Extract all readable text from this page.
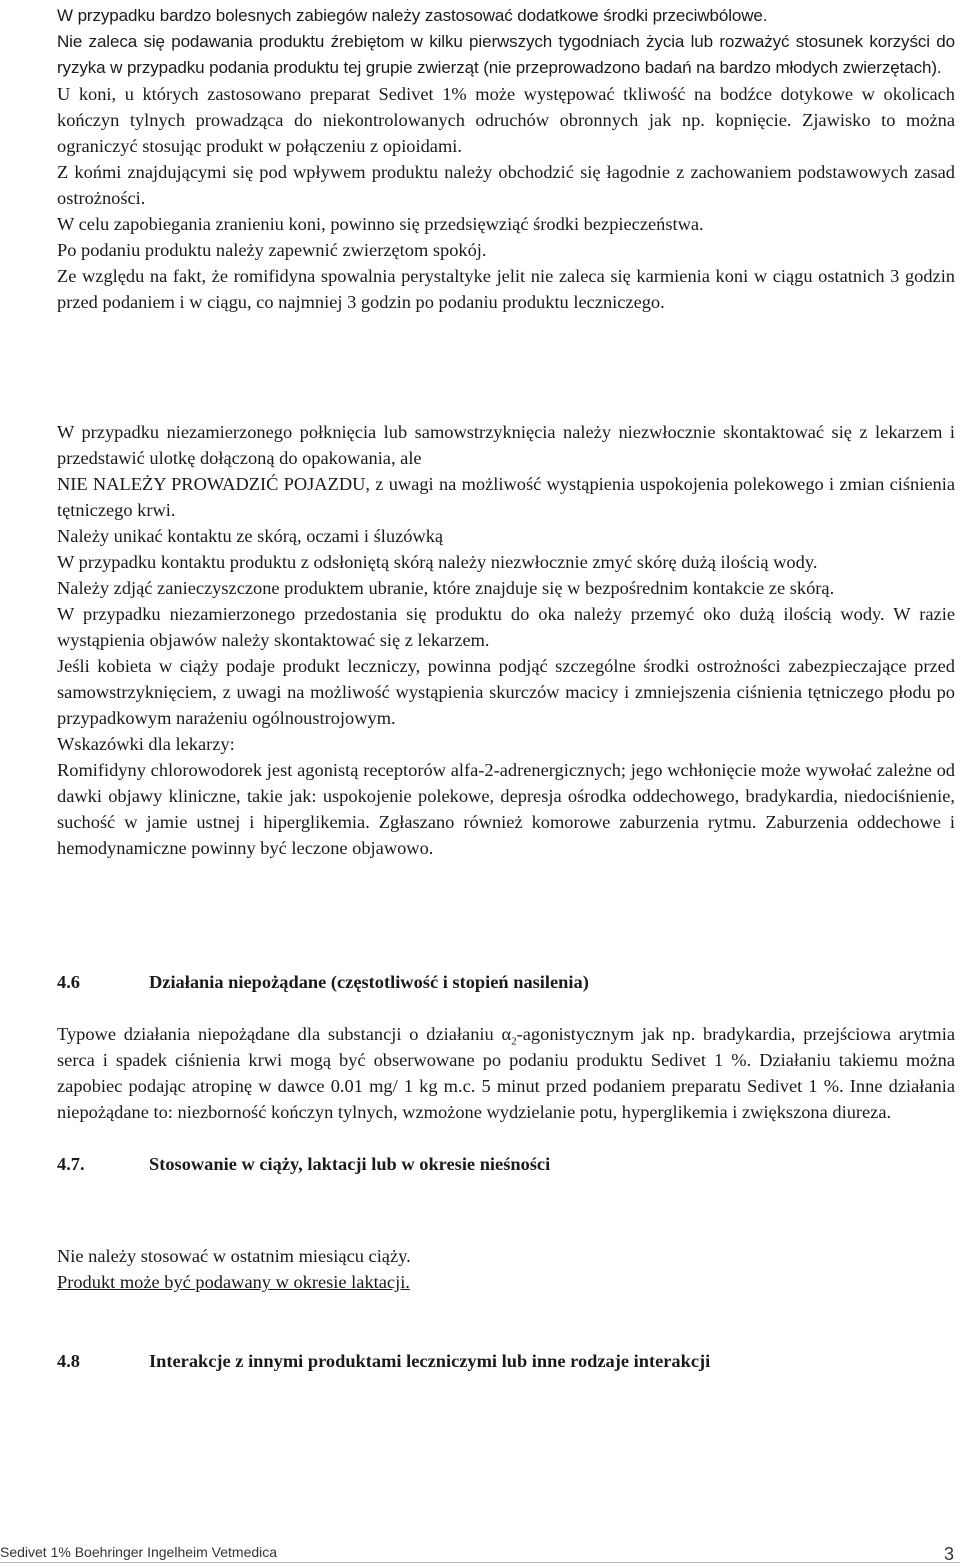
W przypadku bardzo bolesnych zabiegów należy zastosować dodatkowe środki przeciwbólowe.

Nie zaleca się podawania produktu źrebiętom w kilku pierwszych tygodniach życia lub rozważyć stosunek korzyści do ryzyka w przypadku podania produktu tej grupie zwierząt (nie przeprowadzono badań na bardzo młodych zwierzętach).

U koni, u których zastosowano preparat Sedivet 1% może występować tkliwość na bodźce dotykowe w okolicach kończyn tylnych prowadząca do niekontrolowanych odruchów obronnych jak np. kopnięcie. Zjawisko to można ograniczyć stosując produkt w połączeniu z opioidami.

Z końmi znajdującymi się pod wpływem produktu należy obchodzić się łagodnie z zachowaniem podstawowych zasad ostrożności.

W celu zapobiegania zranieniu koni, powinno się przedsięwziąć środki bezpieczeństwa.

Po podaniu produktu należy zapewnić zwierzętom spokój.

Ze względu na fakt, że romifidyna spowalnia perystaltyke jelit nie zaleca się karmienia koni w ciągu ostatnich 3 godzin przed podaniem i w ciągu, co najmniej 3 godzin po podaniu produktu leczniczego.

W przypadku niezamierzonego połknięcia lub samowstrzyknięcia należy niezwłocznie skontaktować się z lekarzem i przedstawić ulotkę dołączoną do opakowania, ale

NIE NALEŻY PROWADZIĆ POJAZDU, z uwagi na możliwość wystąpienia uspokojenia polekowego i zmian ciśnienia tętniczego krwi.

Należy unikać kontaktu ze skórą, oczami i śluzówką

W przypadku kontaktu produktu z odsłoniętą skórą należy niezwłocznie zmyć skórę dużą ilością wody.

Należy zdjąć zanieczyszczone produktem ubranie, które znajduje się w bezpośrednim kontakcie ze skórą.

W przypadku niezamierzonego przedostania się produktu do oka należy przemyć oko dużą ilością wody. W razie wystąpienia objawów należy skontaktować się z lekarzem.

Jeśli kobieta w ciąży podaje produkt leczniczy, powinna podjąć szczególne środki ostrożności zabezpieczające przed samowstrzyknięciem, z uwagi na możliwość wystąpienia skurczów macicy i zmniejszenia ciśnienia tętniczego płodu po przypadkowym narażeniu ogólnoustrojowym.

Wskazówki dla lekarzy:

Romifidyny chlorowodorek jest agonistą receptorów alfa-2-adrenergicznych; jego wchłonięcie może wywołać zależne od dawki objawy kliniczne, takie jak: uspokojenie polekowe, depresja ośrodka oddechowego, bradykardia, niedociśnienie, suchość w jamie ustnej i hiperglikemia. Zgłaszano również komorowe zaburzenia rytmu. Zaburzenia oddechowe i hemodynamiczne powinny być leczone objawowo.

4.6	Działania niepożądane (częstotliwość i stopień nasilenia)

Typowe działania niepożądane dla substancji o działaniu $\alpha_2$-agonistycznym jak np. bradykardia, przejściowa arytmia serca i spadek ciśnienia krwi mogą być obserwowane po podaniu produktu Sedivet 1 %. Działaniu takiemu można zapobiec podając atropinę w dawce 0.01 mg/ 1 kg m.c. 5 minut przed podaniem preparatu Sedivet 1 %. Inne działania niepożądane to: niezborność kończyn tylnych, wzmożone wydzielanie potu, hyperglikemia i zwiększona diureza.

4.7.	Stosowanie w ciąży, laktacji lub w okresie nieśności

Nie należy stosować w ostatnim miesiącu ciąży.

Produkt może być podawany w okresie laktacji.

4.8	Interakcje z innymi produktami leczniczymi lub inne rodzaje interakcji
Sedivet 1% Boehringer Ingelheim Vetmedica	3
